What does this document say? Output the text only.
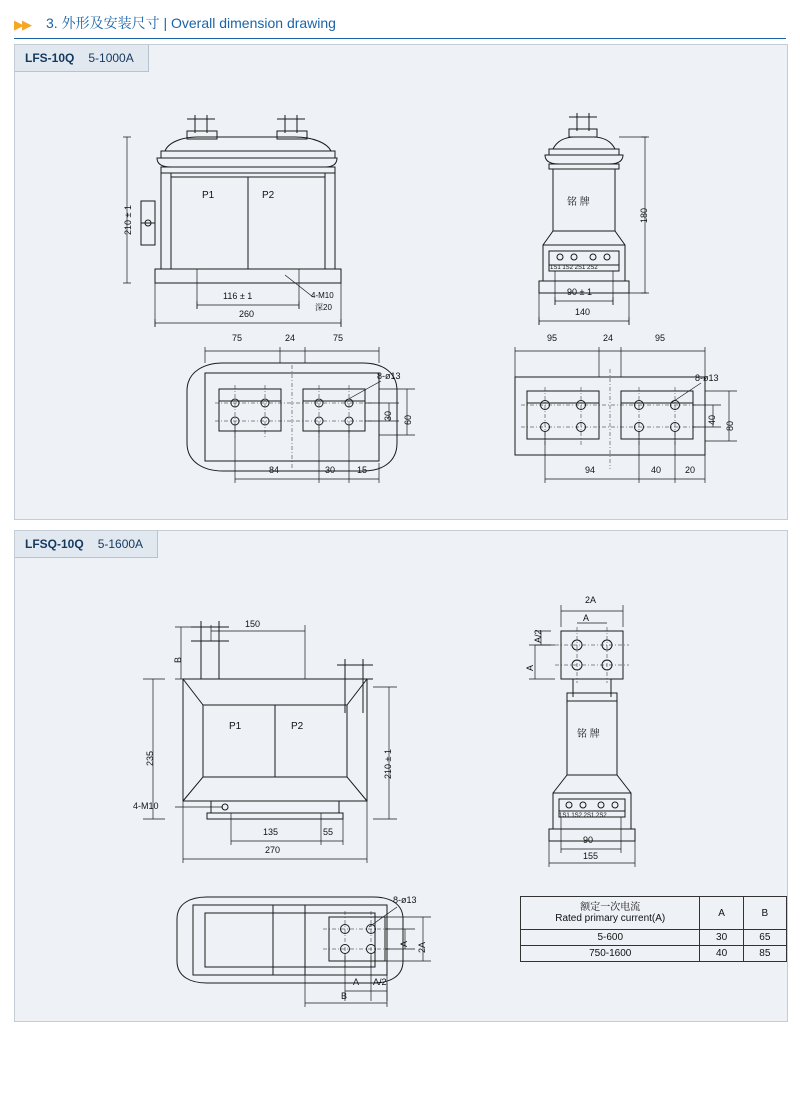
▶▶ 3. 外形及安装尺寸 | Overall dimension drawing
LFS-10Q 5-1000A
P1	P2
210 ± 1
116 ± 1
260
4-M10
深20
铭 牌
180
1S1 1S2 2S1 2S2
90 ± 1
140
75	24	75
8-ø13
30 60
84	30 15
95	24	95
8-ø13
40
80
94	40	20
LFSQ-10Q 5-1600A
B
150
235	210 ± 1
P1	P2
4-M10
135	55
270
2A
A
A/2
A
铭 牌
1S1 1S2 2S1 2S2
90
155
8-ø13
A 2A
A A/2
B
额定一次电流
Rated primary current(A)	A	B
5-600	30	65
750-1600	40	85
